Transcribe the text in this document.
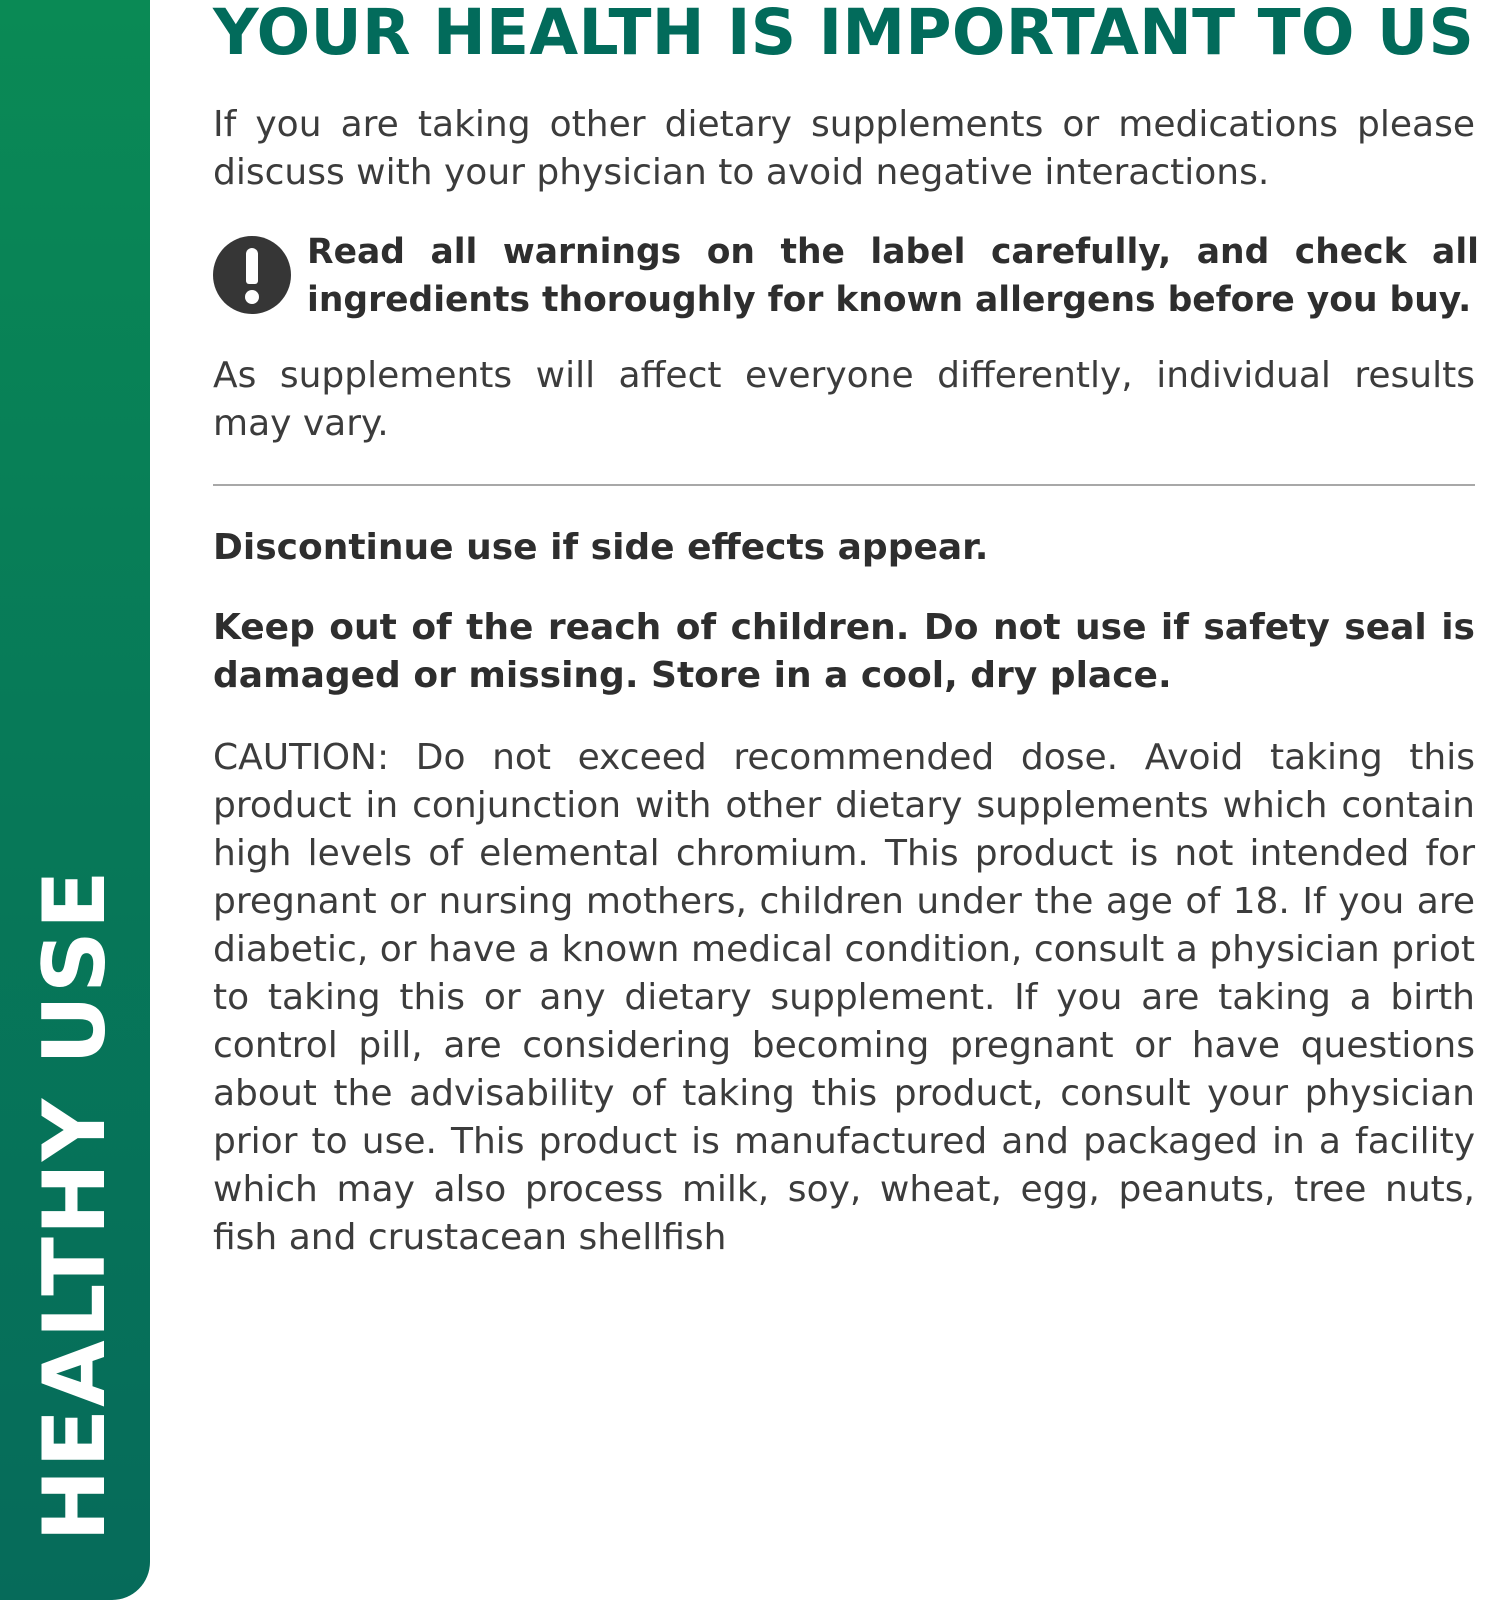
HEALTHY USE
YOUR HEALTH IS IMPORTANT TO US

If you are taking other dietary supplements or medications please discuss with your physician to avoid negative interactions.

Read all warnings on the label carefully, and check all ingredients thoroughly for known allergens before you buy.

As supplements will affect everyone differently, individual results may vary.

Discontinue use if side effects appear.

Keep out of the reach of children. Do not use if safety seal is damaged or missing. Store in a cool, dry place.

CAUTION: Do not exceed recommended dose. Avoid taking this product in conjunction with other dietary supplements which contain high levels of elemental chromium. This product is not intended for pregnant or nursing mothers, children under the age of 18. If you are diabetic, or have a known medical condition, consult a physician priot to taking this or any dietary supplement. If you are taking a birth control pill, are considering becoming pregnant or have questions about the advisability of taking this product, consult your physician prior to use. This product is manufactured and packaged in a facility which may also process milk, soy, wheat, egg, peanuts, tree nuts, fish and crustacean shellfish
